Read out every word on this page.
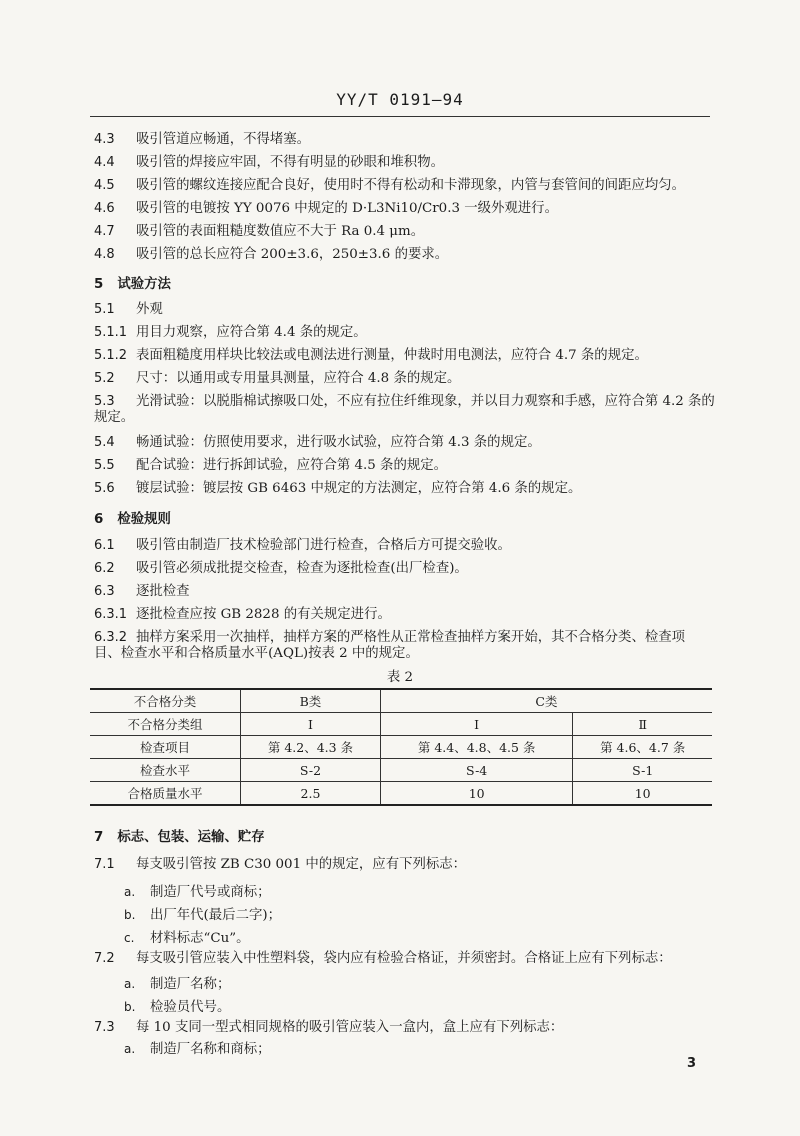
YY/T 0191—94
4.3 吸引管道应畅通，不得堵塞。
4.4 吸引管的焊接应牢固，不得有明显的砂眼和堆积物。
4.5 吸引管的螺纹连接应配合良好，使用时不得有松动和卡滞现象，内管与套管间的间距应均匀。
4.6 吸引管的电镀按 YY 0076 中规定的 D·L3Ni10/Cr0.3 一级外观进行。
4.7 吸引管的表面粗糙度数值应不大于 Ra 0.4 μm。
4.8 吸引管的总长应符合 200±3.6，250±3.6 的要求。
5 试验方法
5.1 外观
5.1.1 用目力观察，应符合第 4.4 条的规定。
5.1.2 表面粗糙度用样块比较法或电测法进行测量，仲裁时用电测法，应符合 4.7 条的规定。
5.2 尺寸：以通用或专用量具测量，应符合 4.8 条的规定。
5.3 光滑试验：以脱脂棉试擦吸口处，不应有拉住纤维现象，并以目力观察和手感，应符合第 4.2 条的
规定。
5.4 畅通试验：仿照使用要求，进行吸水试验，应符合第 4.3 条的规定。
5.5 配合试验：进行拆卸试验，应符合第 4.5 条的规定。
5.6 镀层试验：镀层按 GB 6463 中规定的方法测定，应符合第 4.6 条的规定。
6 检验规则
6.1 吸引管由制造厂技术检验部门进行检查，合格后方可提交验收。
6.2 吸引管必须成批提交检查，检查为逐批检查(出厂检查)。
6.3 逐批检查
6.3.1 逐批检查应按 GB 2828 的有关规定进行。
6.3.2 抽样方案采用一次抽样，抽样方案的严格性从正常检查抽样方案开始，其不合格分类、检查项
目、检查水平和合格质量水平(AQL)按表 2 中的规定。
表 2
不合格分类	B类	C类	
不合格分类组	I	I	Ⅱ
检查项目	第 4.2、4.3 条	第 4.4、4.8、4.5 条	第 4.6、4.7 条
检查水平	S-2	S-4	S-1
合格质量水平	2.5	10	10
7 标志、包装、运输、贮存
7.1 每支吸引管按 ZB C30 001 中的规定，应有下列标志：
a. 制造厂代号或商标；
b. 出厂年代(最后二字)；
c. 材料标志“Cu”。
7.2 每支吸引管应装入中性塑料袋，袋内应有检验合格证，并须密封。合格证上应有下列标志：
a. 制造厂名称；
b. 检验员代号。
7.3 每 10 支同一型式相同规格的吸引管应装入一盒内，盒上应有下列标志：
a. 制造厂名称和商标；
3
